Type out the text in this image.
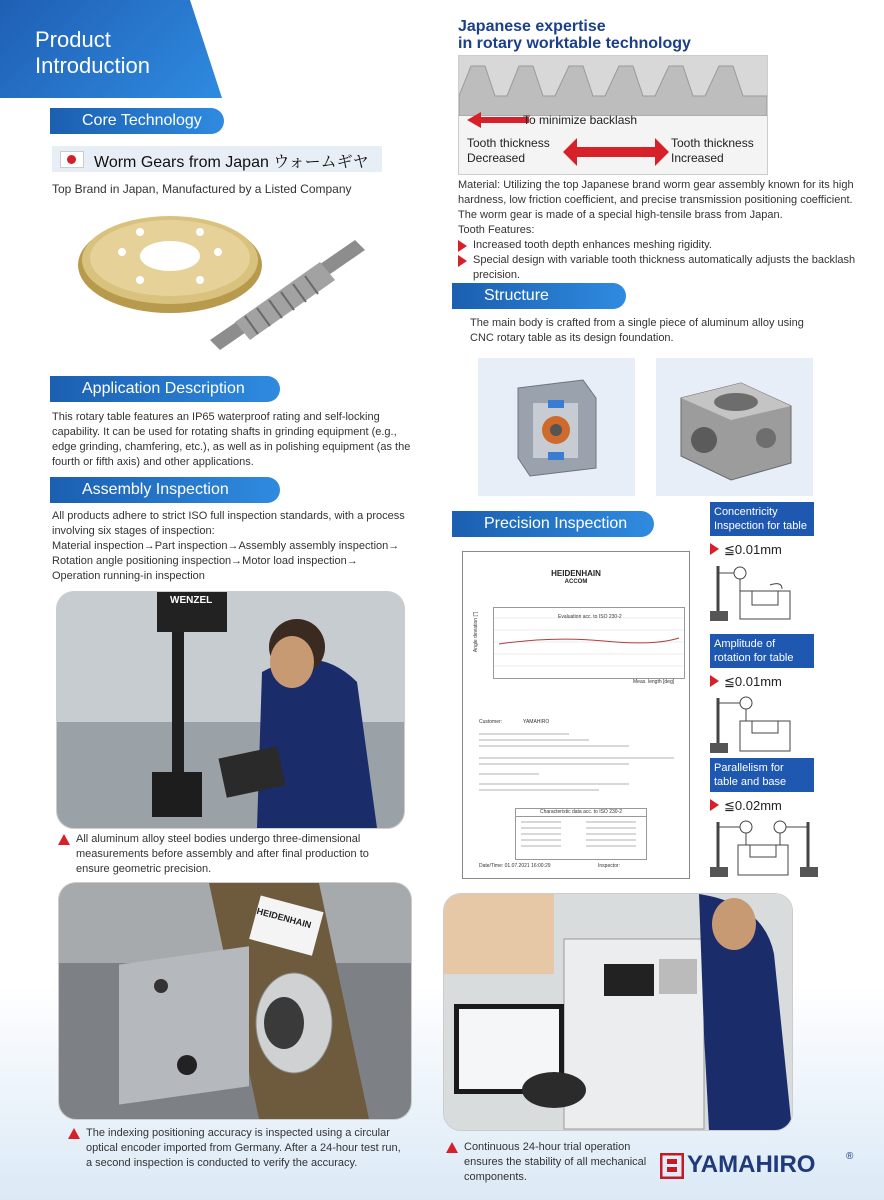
Product
Introduction
Core Technology
Worm Gears from Japan ウォームギヤ
Top Brand in Japan, Manufactured by a Listed Company
Japanese expertise
in rotary worktable technology
To minimize backlash
Tooth thickness
Decreased
Tooth thickness
Increased
Material: Utilizing the top Japanese brand worm gear assembly known for its high hardness, low friction coefficient, and precise transmission positioning coefficient. The worm gear is made of a special high-tensile brass from Japan.
Tooth Features:
Increased tooth depth enhances meshing rigidity.
Special design with variable tooth thickness automatically adjusts the backlash precision.
Structure
The main body is crafted from a single piece of aluminum alloy using CNC rotary table as its design foundation.
Application Description
This rotary table features an IP65 waterproof rating and self-locking capability. It can be used for rotating shafts in grinding equipment (e.g., edge grinding, chamfering, etc.), as well as in polishing equipment (as the fourth or fifth axis) and other applications.
Assembly Inspection
All products adhere to strict ISO full inspection standards, with a process involving six stages of inspection:
Material inspection→Part inspection→Assembly assembly inspection→
Rotation angle positioning inspection→Motor load inspection→
Operation running-in inspection
WENZEL
All aluminum alloy steel bodies undergo three-dimensional measurements before assembly and after final production to ensure geometric precision.
Precision Inspection
HEIDENHAIN
ACCOM
Evaluation acc. to ISO 230-2
Angle deviation ["]
Meas. length [deg]
Customer:	YAMAHIRO
Characteristic data acc. to ISO 230-2
Date/Time: 01.07.2021 16:00:29	Inspector:
Concentricity
Inspection for table
≦0.01mm
Amplitude of
rotation for table
≦0.01mm
Parallelism for
table and base
≦0.02mm
HEIDENHAIN
The indexing positioning accuracy is inspected using a circular optical encoder imported from Germany. After a 24-hour test run, a second inspection is conducted to verify the accuracy.
Continuous 24-hour trial operation ensures the stability of all mechanical components.	YAMAHIRO	®
